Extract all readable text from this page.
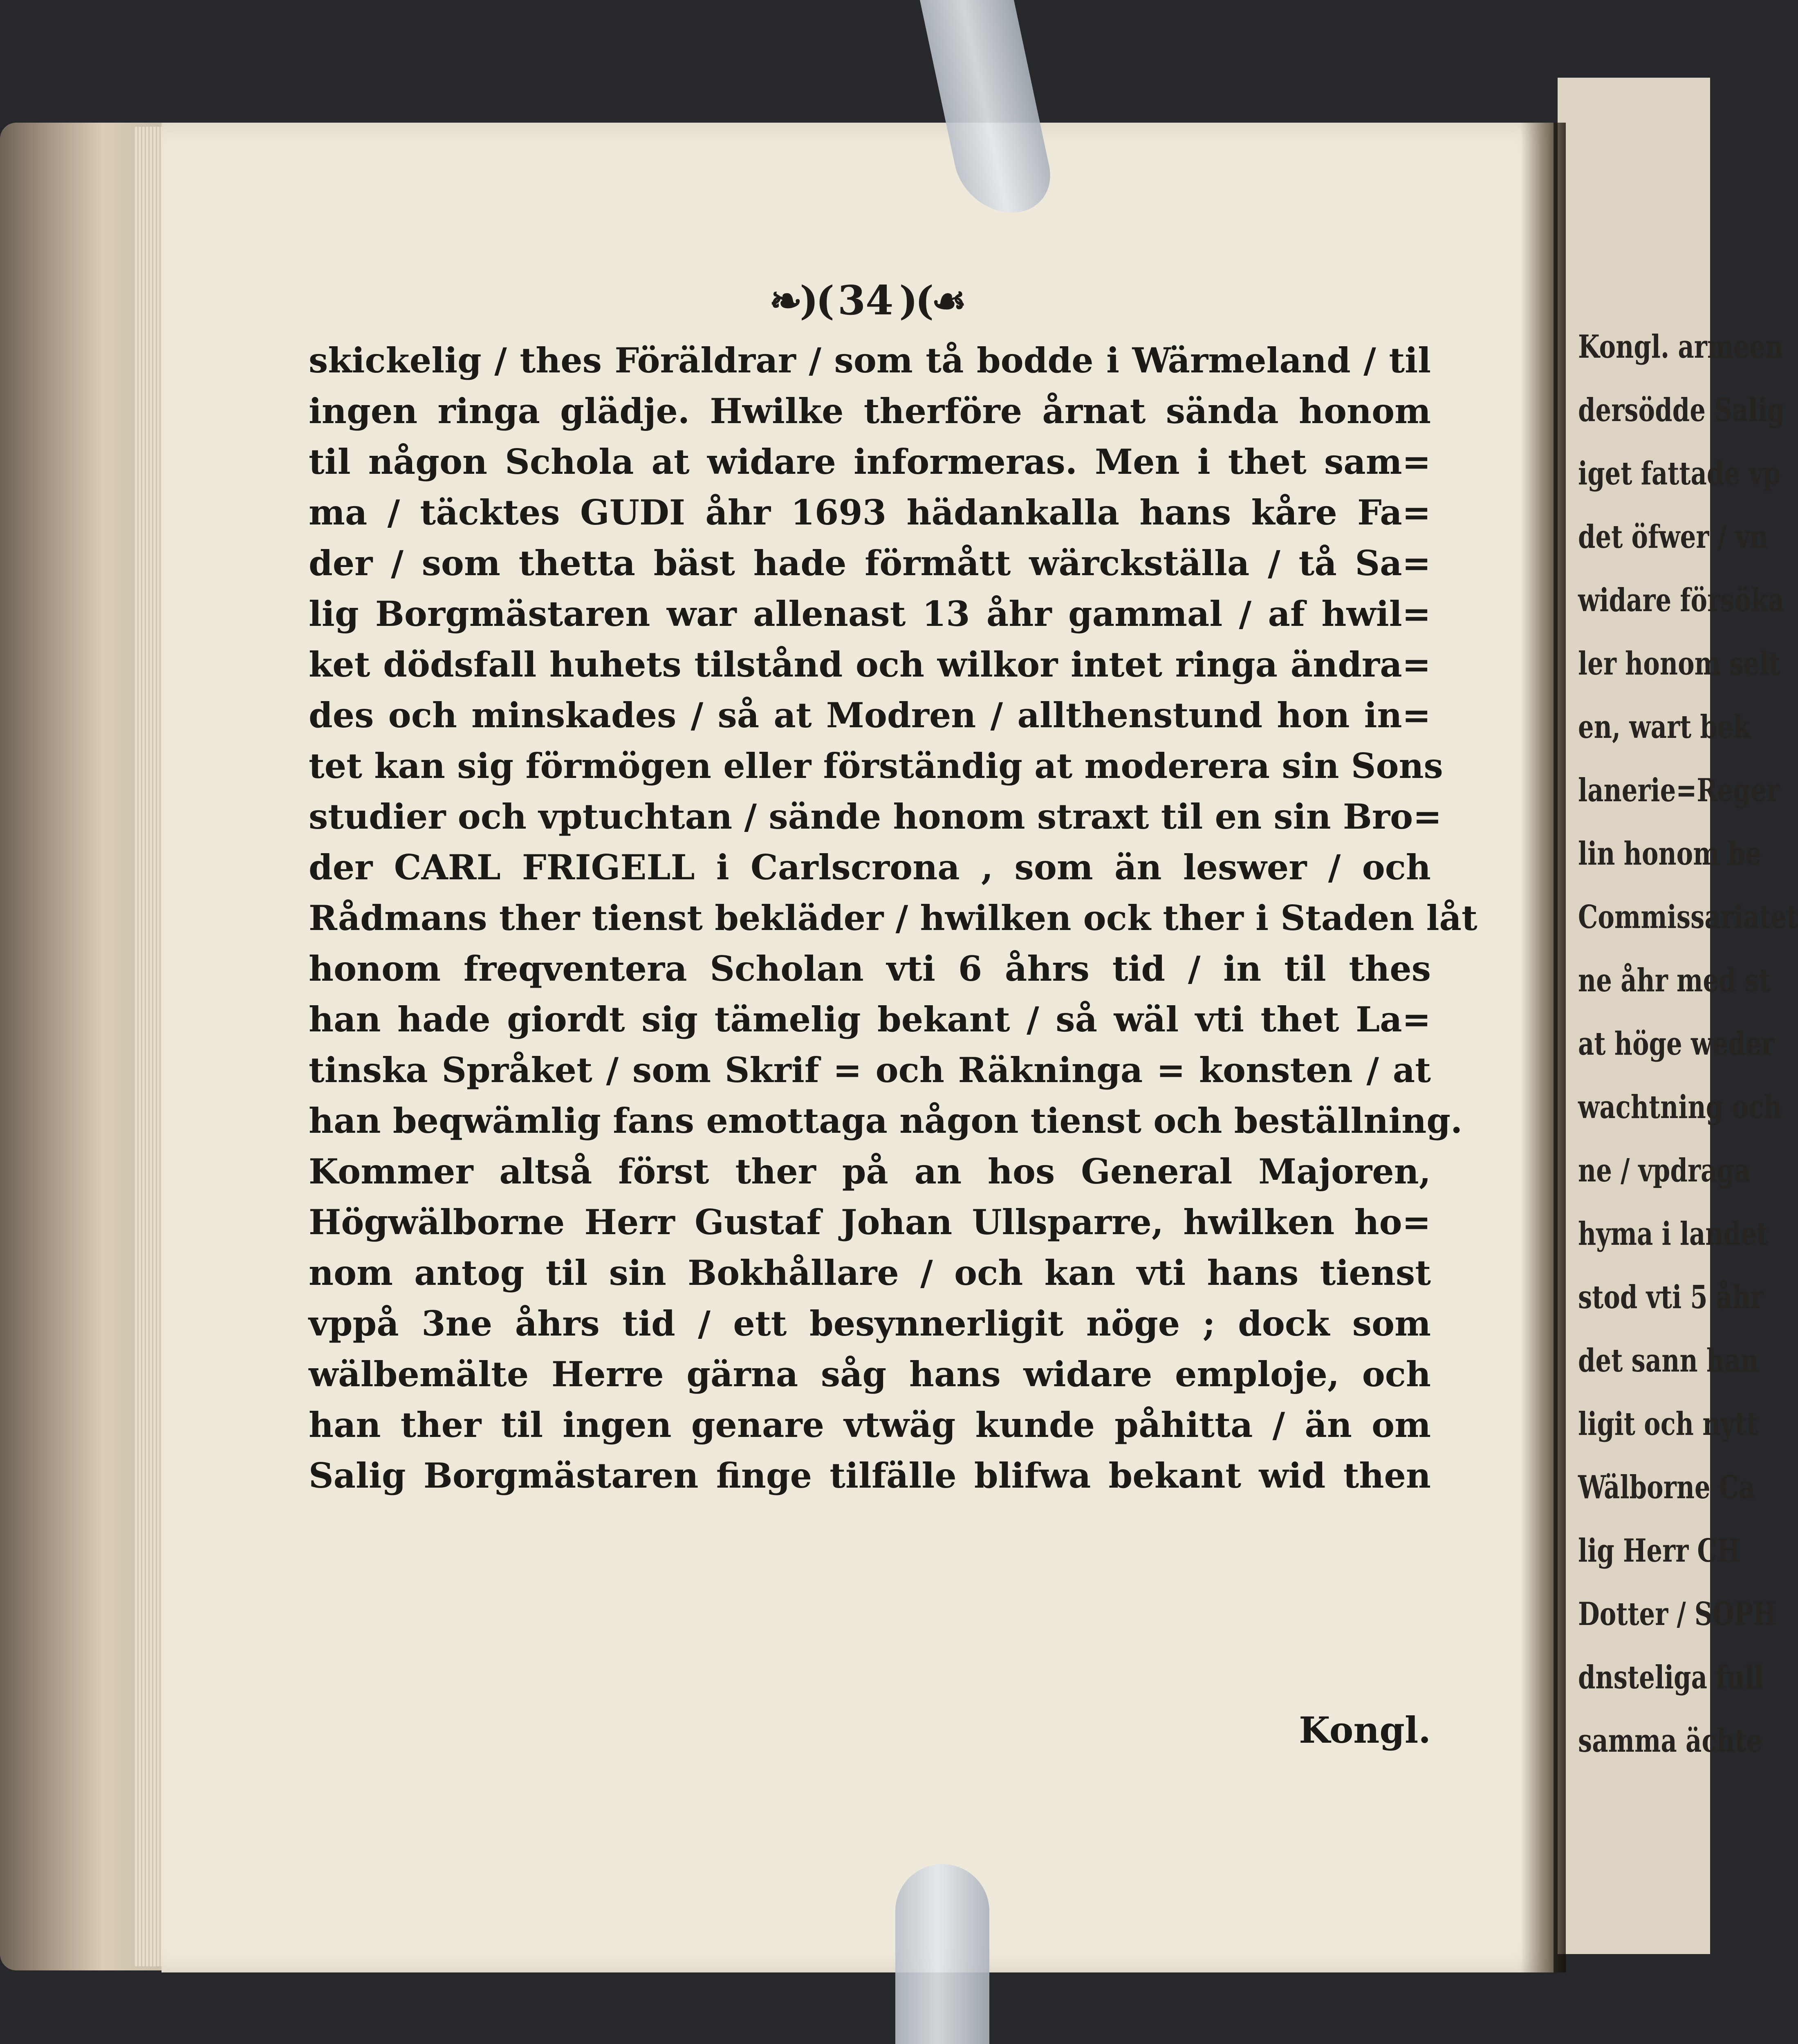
Kongl. armeen
dersödde Salig
iget fattade vp
det öfwer / vn
widare försöka
ler honom selt
en, wart bek
lanerie=Reger
lin honom be
Commissariatet
ne åhr med st
at höge weder
wachtning och
ne / vpdraga
hyma i landet
stod vti 5 åhr
det sann han
ligit och nytt
Wälborne Ca
lig Herr CH
Dotter / SOPH
dnsteliga full
samma ächte
❧)( 34 )(☙
skickelig / thes Föräldrar / som tå bodde i Wärmeland / til
ingen ringa glädje. Hwilke therföre årnat sända honom
til någon Schola at widare informeras. Men i thet sam=
ma / täcktes GUDI åhr 1693 hädankalla hans kåre Fa=
der / som thetta bäst hade förmått wärckställa / tå Sa=
lig Borgmästaren war allenast 13 åhr gammal / af hwil=
ket dödsfall huhets tilstånd och wilkor intet ringa ändra=
des och minskades / så at Modren / allthenstund hon in=
tet kan sig förmögen eller förständig at moderera sin Sons
studier och vptuchtan / sände honom straxt til en sin Bro=
der CARL FRIGELL i Carlscrona , som än leswer / och
Rådmans ther tienst bekläder / hwilken ock ther i Staden låt
honom freqventera Scholan vti 6 åhrs tid / in til thes
han hade giordt sig tämelig bekant / så wäl vti thet La=
tinska Språket / som Skrif = och Räkninga = konsten / at
han beqwämlig fans emottaga någon tienst och beställning.
Kommer altså först ther på an hos General Majoren,
Högwälborne Herr Gustaf Johan Ullsparre, hwilken ho=
nom antog til sin Bokhållare / och kan vti hans tienst
vppå 3ne åhrs tid / ett besynnerligit nöge ; dock som
wälbemälte Herre gärna såg hans widare emploje, och
han ther til ingen genare vtwäg kunde påhitta / än om
Salig Borgmästaren finge tilfälle blifwa bekant wid then
Kongl.
